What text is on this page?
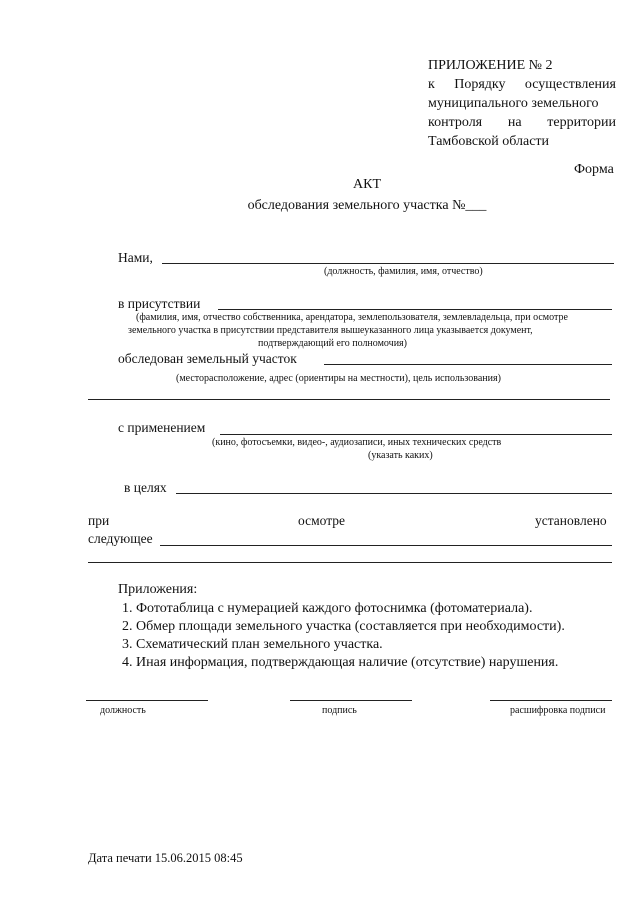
ПРИЛОЖЕНИЕ № 2
к Порядку осуществления
муниципального земельного
контроля на территории
Тамбовской области
Форма
АКТ
обследования земельного участка №___
Нами,
(должность, фамилия, имя, отчество)
в присутствии
(фамилия, имя, отчество собственника, арендатора, землепользователя, землевладельца, при осмотре
земельного участка в присутствии представителя вышеуказанного лица указывается документ,
подтверждающий его полномочия)
обследован земельный участок
(месторасположение, адрес (ориентиры на местности), цель использования)
с применением
(кино, фотосъемки, видео-, аудиозаписи, иных технических средств
(указать каких)
в целях
при	осмотре	установлено
следующее
Приложения:
1. Фототаблица с нумерацией каждого фотоснимка (фотоматериала).
2. Обмер площади земельного участка (составляется при необходимости).
3. Схематический план земельного участка.
4. Иная информация, подтверждающая наличие (отсутствие) нарушения.
должность	подпись	расшифровка подписи
Дата печати 15.06.2015 08:45
